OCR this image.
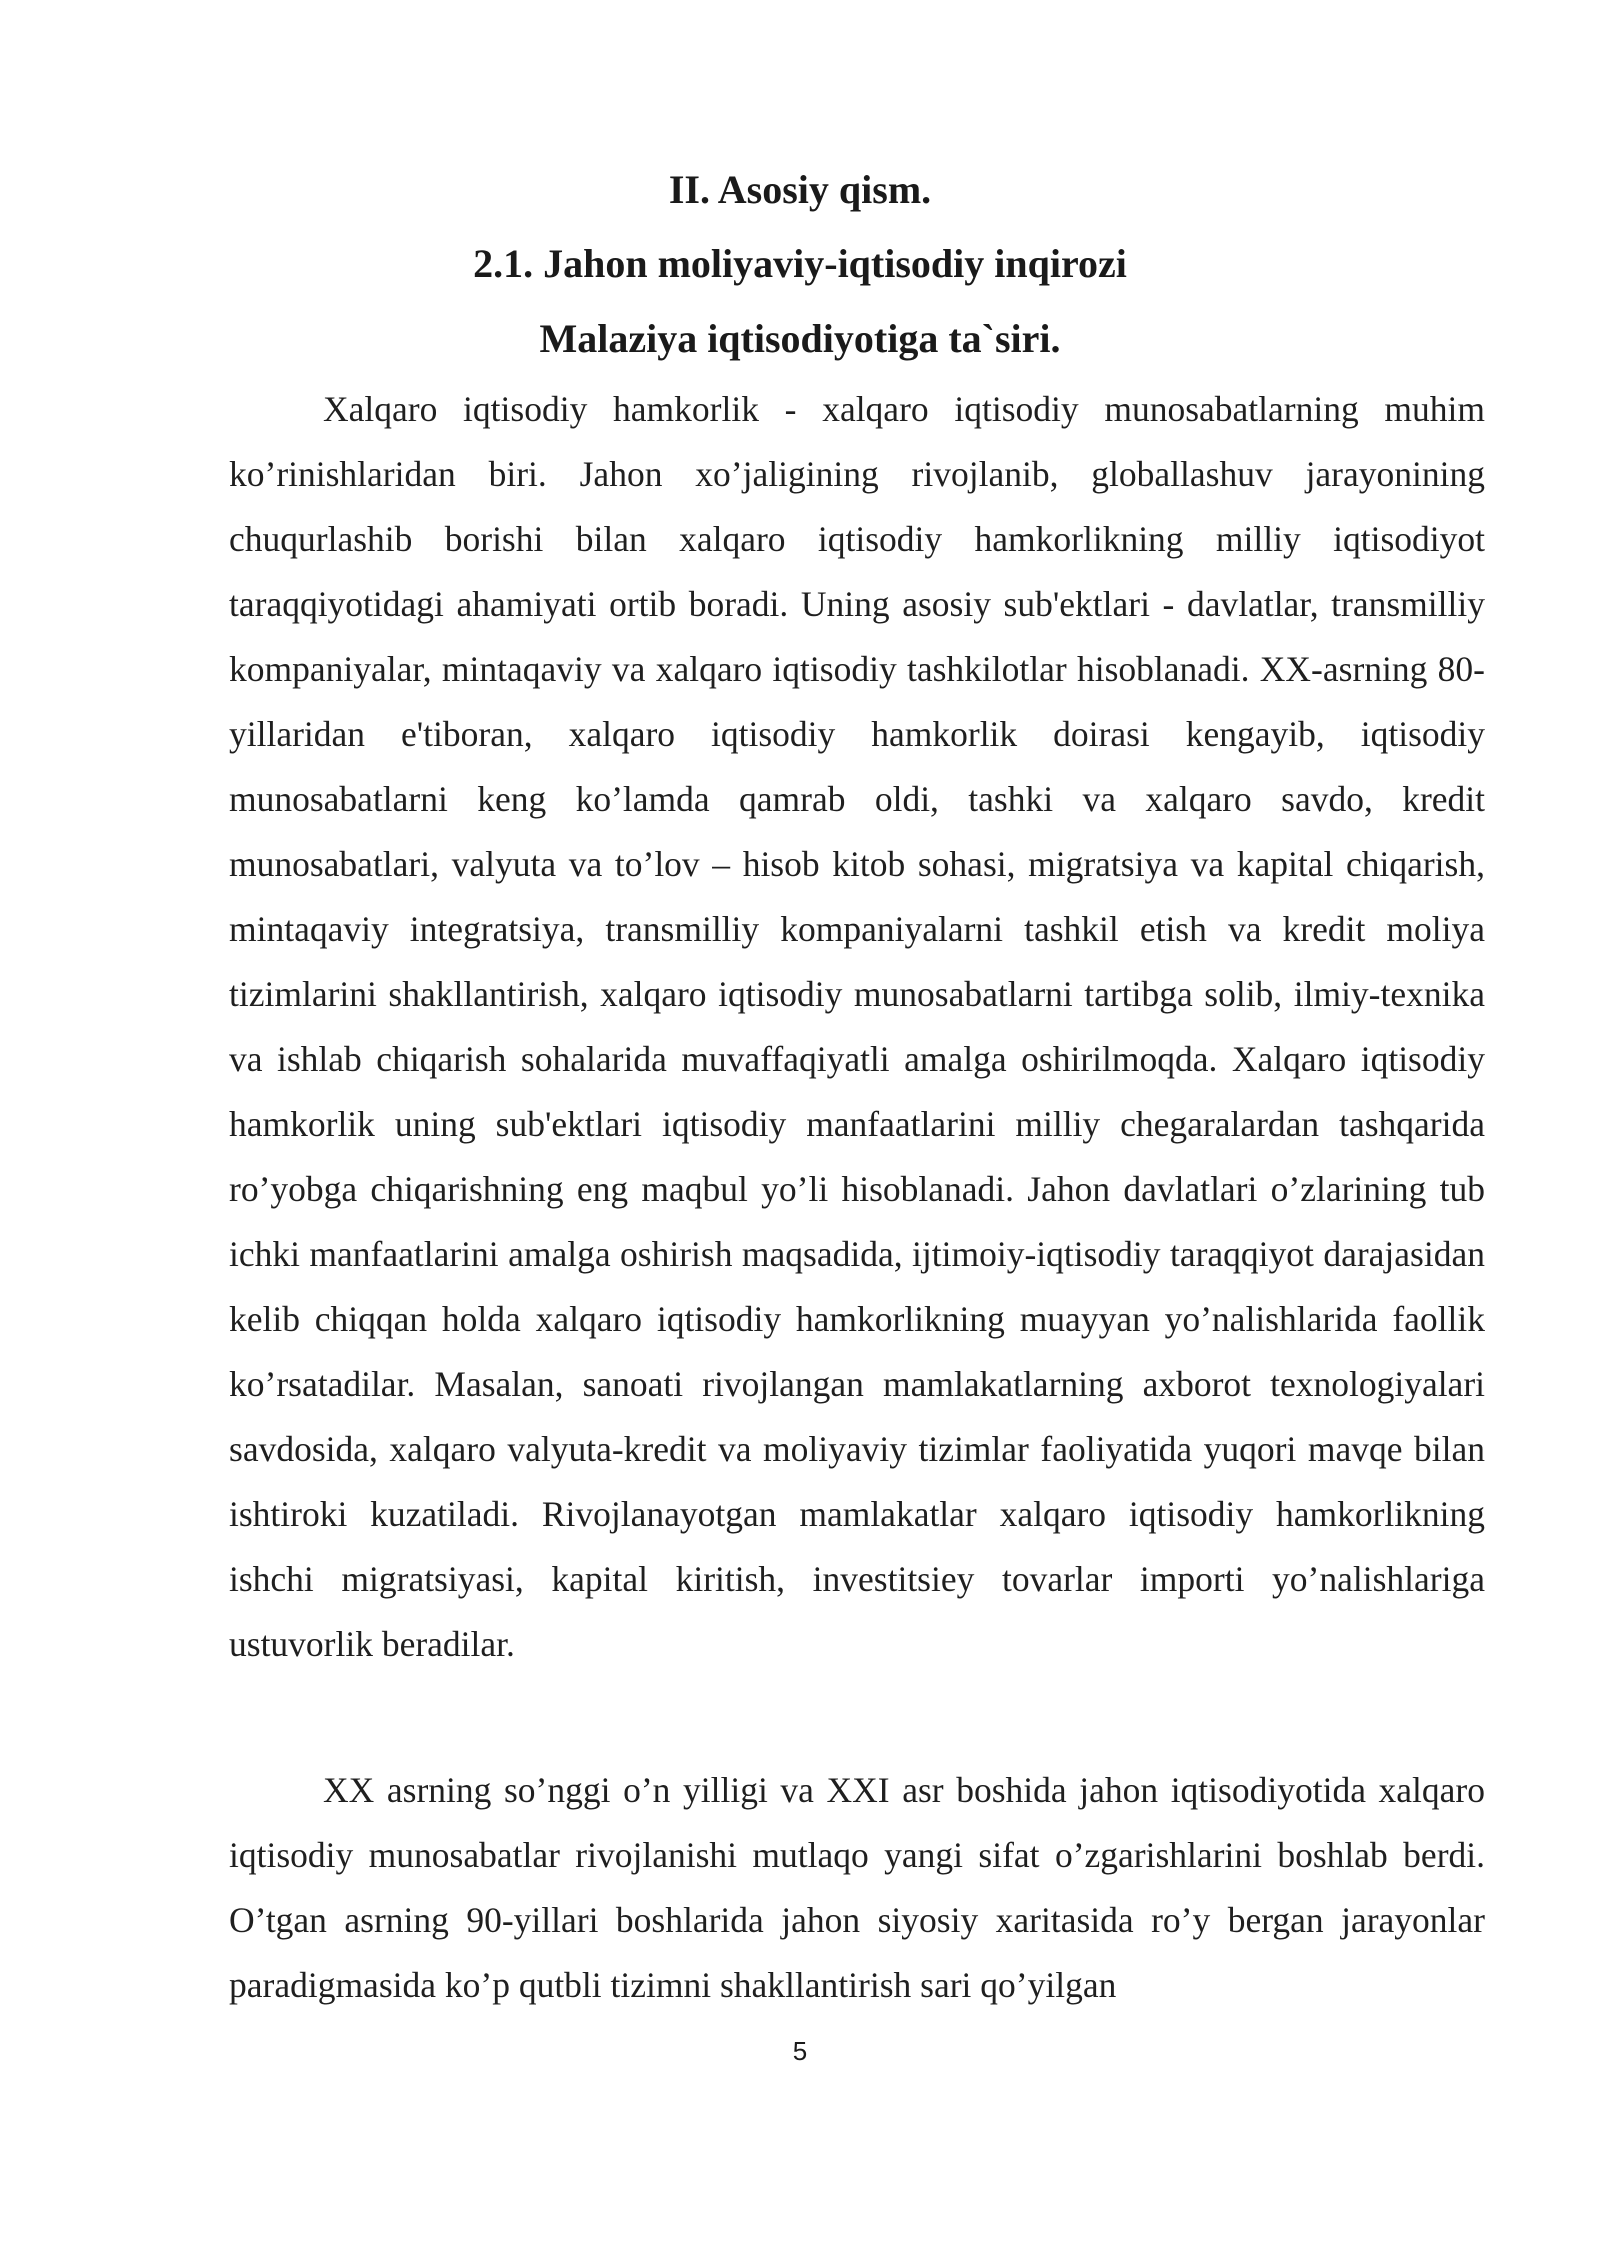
II. Asosiy qism.
2.1. Jahon moliyaviy-iqtisodiy inqirozi
Malaziya iqtisodiyotiga ta`siri.

Xalqaro iqtisodiy hamkorlik - xalqaro iqtisodiy munosabatlarning muhim ko’rinishlaridan biri. Jahon xo’jaligining rivojlanib, globallashuv jarayonining chuqurlashib borishi bilan xalqaro iqtisodiy hamkorlikning milliy iqtisodiyot taraqqiyotidagi ahamiyati ortib boradi. Uning asosiy sub'ektlari - davlatlar, transmilliy kompaniyalar, mintaqaviy va xalqaro iqtisodiy tashkilotlar hisoblanadi. XX-asrning 80-yillaridan e'tiboran, xalqaro iqtisodiy hamkorlik doirasi kengayib, iqtisodiy munosabatlarni keng ko’lamda qamrab oldi, tashki va xalqaro savdo, kredit munosabatlari, valyuta va to’lov – hisob kitob sohasi, migratsiya va kapital chiqarish, mintaqaviy integratsiya, transmilliy kompaniyalarni tashkil etish va kredit moliya tizimlarini shakllantirish, xalqaro iqtisodiy munosabatlarni tartibga solib, ilmiy-texnika va ishlab chiqarish sohalarida muvaffaqiyatli amalga oshirilmoqda. Xalqaro iqtisodiy hamkorlik uning sub'ektlari iqtisodiy manfaatlarini milliy chegaralardan tashqarida ro’yobga chiqarishning eng maqbul yo’li hisoblanadi. Jahon davlatlari o’zlarining tub ichki manfaatlarini amalga oshirish maqsadida, ijtimoiy-iqtisodiy taraqqiyot darajasidan kelib chiqqan holda xalqaro iqtisodiy hamkorlikning muayyan yo’nalishlarida faollik ko’rsatadilar. Masalan, sanoati rivojlangan mamlakatlarning axborot texnologiyalari savdosida, xalqaro valyuta-kredit va moliyaviy tizimlar faoliyatida yuqori mavqe bilan ishtiroki kuzatiladi. Rivojlanayotgan mamlakatlar xalqaro iqtisodiy hamkorlikning ishchi migratsiyasi, kapital kiritish, investitsiey tovarlar importi yo’nalishlariga ustuvorlik beradilar.

XX asrning so’nggi o’n yilligi va XXI asr boshida jahon iqtisodiyotida xalqaro iqtisodiy munosabatlar rivojlanishi mutlaqo yangi sifat o’zgarishlarini boshlab berdi. O’tgan asrning 90-yillari boshlarida jahon siyosiy xaritasida ro’y bergan jarayonlar paradigmasida ko’p qutbli tizimni shakllantirish sari qo’yilgan

5
